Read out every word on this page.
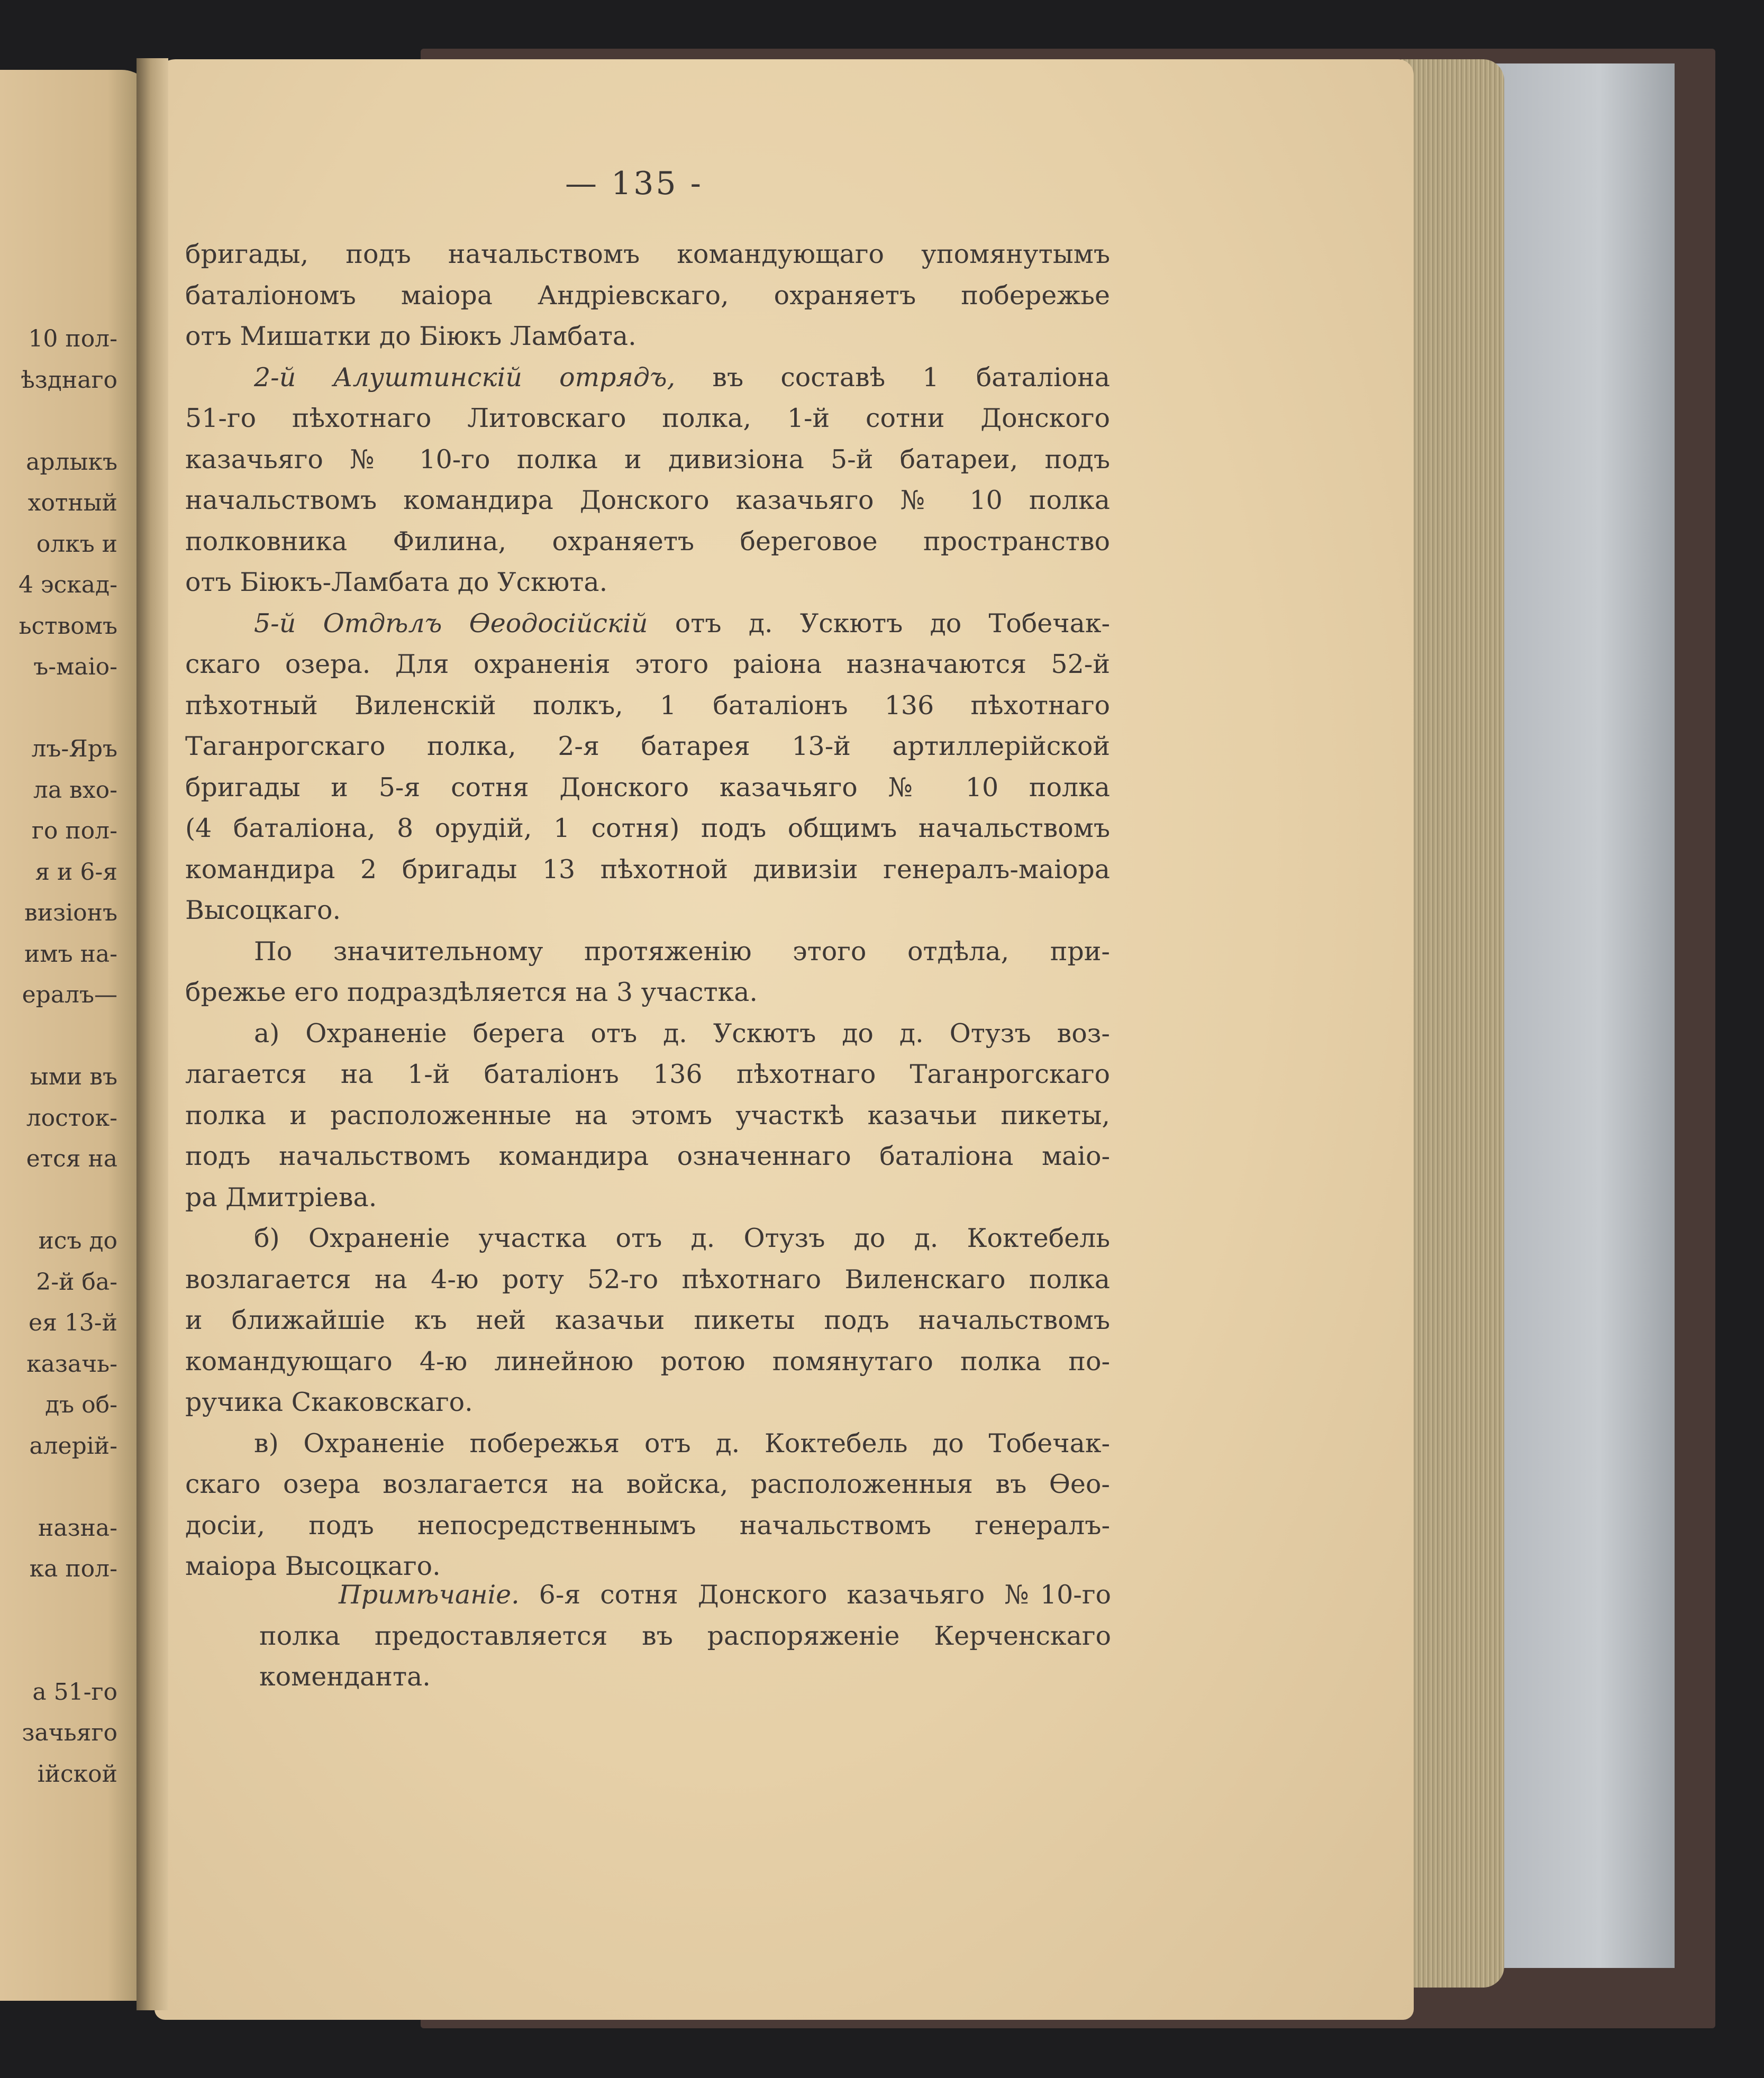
10 пол-
ѣзднаго
арлыкъ
хотный
олкъ и
4 эскад-
ьствомъ
ъ-маіо-
лъ-Яръ
ла вхо-
го пол-
я и 6-я
визіонъ
имъ на-
ералъ—
ыми въ
лосток-
ется на
исъ до
2-й ба-
ея 13-й
казачь-
дъ об-
алерій-
назна-
ка пол-
а 51-го
зачьяго
ійской
— 135 -
бригады, подъ начальствомъ командующаго упомянутымъ
баталіономъ маіора Андріевскаго, охраняетъ побережье
отъ Мишатки до Біюкъ Ламбата.
2-й Алуштинскій отрядъ, въ составѣ 1 баталіона
51-го пѣхотнаго Литовскаго полка, 1-й сотни Донского
казачьяго № 10-го полка и дивизіона 5-й батареи, подъ
начальствомъ командира Донского казачьяго № 10 полка
полковника Филина, охраняетъ береговое пространство
отъ Біюкъ-Ламбата до Ускюта.
5-й Отдѣлъ Ѳеодосійскій отъ д. Ускютъ до Тобечак-
скаго озера. Для охраненія этого раіона назначаются 52-й
пѣхотный Виленскій полкъ, 1 баталіонъ 136 пѣхотнаго
Таганрогскаго полка, 2-я батарея 13-й артиллерійской
бригады и 5-я сотня Донского казачьяго № 10 полка
(4 баталіона, 8 орудій, 1 сотня) подъ общимъ начальствомъ
командира 2 бригады 13 пѣхотной дивизіи генералъ-маіора
Высоцкаго.
По значительному протяженію этого отдѣла, при-
брежье его подраздѣляется на 3 участка.
а) Охраненіе берега отъ д. Ускютъ до д. Отузъ воз-
лагается на 1-й баталіонъ 136 пѣхотнаго Таганрогскаго
полка и расположенные на этомъ участкѣ казачьи пикеты,
подъ начальствомъ командира означеннаго баталіона маіо-
ра Дмитріева.
б) Охраненіе участка отъ д. Отузъ до д. Коктебель
возлагается на 4-ю роту 52-го пѣхотнаго Виленскаго полка
и ближайшіе къ ней казачьи пикеты подъ начальствомъ
командующаго 4-ю линейною ротою помянутаго полка по-
ручика Скаковскаго.
в) Охраненіе побережья отъ д. Коктебель до Тобечак-
скаго озера возлагается на войска, расположенныя въ Ѳео-
досіи, подъ непосредственнымъ начальствомъ генералъ-
маіора Высоцкаго.
Примѣчаніе. 6-я сотня Донского казачьяго №10-го
полка предоставляется въ распоряженіе Керченскаго
коменданта.
